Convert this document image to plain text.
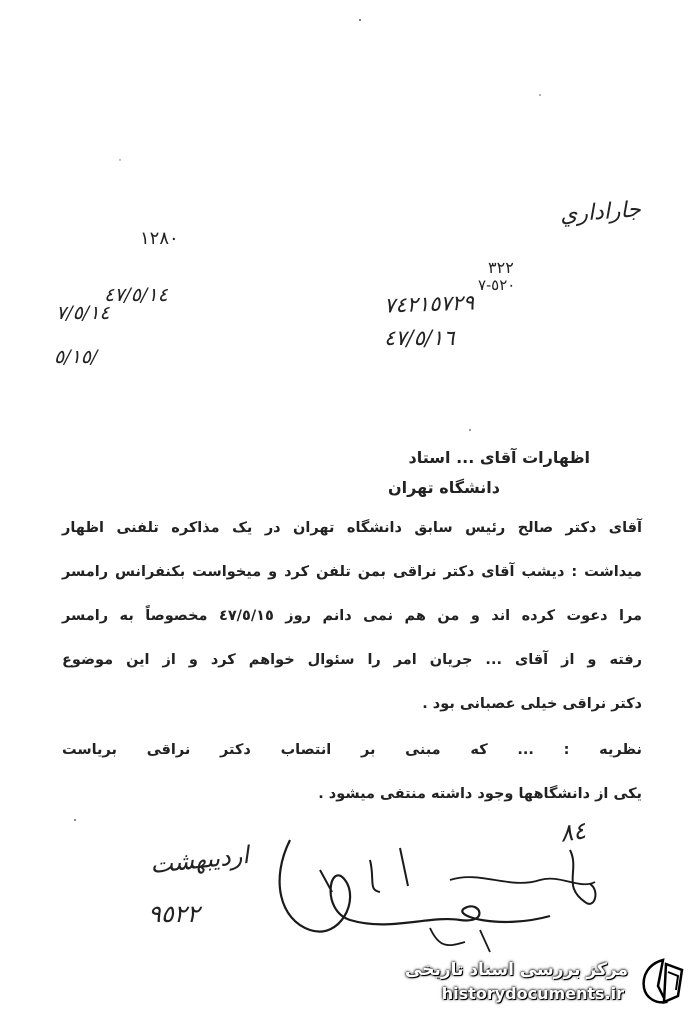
جاراداري
١٢٨٠
٣٢٢
٥٢٠-٧
٧٤٢١٥٧٢٩
٤٧/٥/١٦
٤٧/٥/١٤
٧/٥/١٤
٥/١٥/
اظهارات آقای ... استاد
دانشگاه تهران
آقای دکتر صالح رئیس سابق دانشگاه تهران در یک مذاکره تلفنی اظهار
میداشت : دیشب آقای دکتر نراقی بمن تلفن کرد و میخواست بکنفرانس رامسر
مرا دعوت کرده اند و من هم نمی دانم روز ٤٧/٥/١٥ مخصوصاً به رامسر
رفته و از آقای ... جریان امر را سئوال خواهم کرد و از این موضوع
دکتر نراقی خیلی عصبانی بود .
نظریه : ... که مبنی بر انتصاب دکتر نراقی بریاست
یکی از دانشگاهها وجود داشته منتفی میشود .
اردیبهشت
٩٥٢٢
٨٤
مرکز بررسی اسناد تاریخی
historydocuments.ir
